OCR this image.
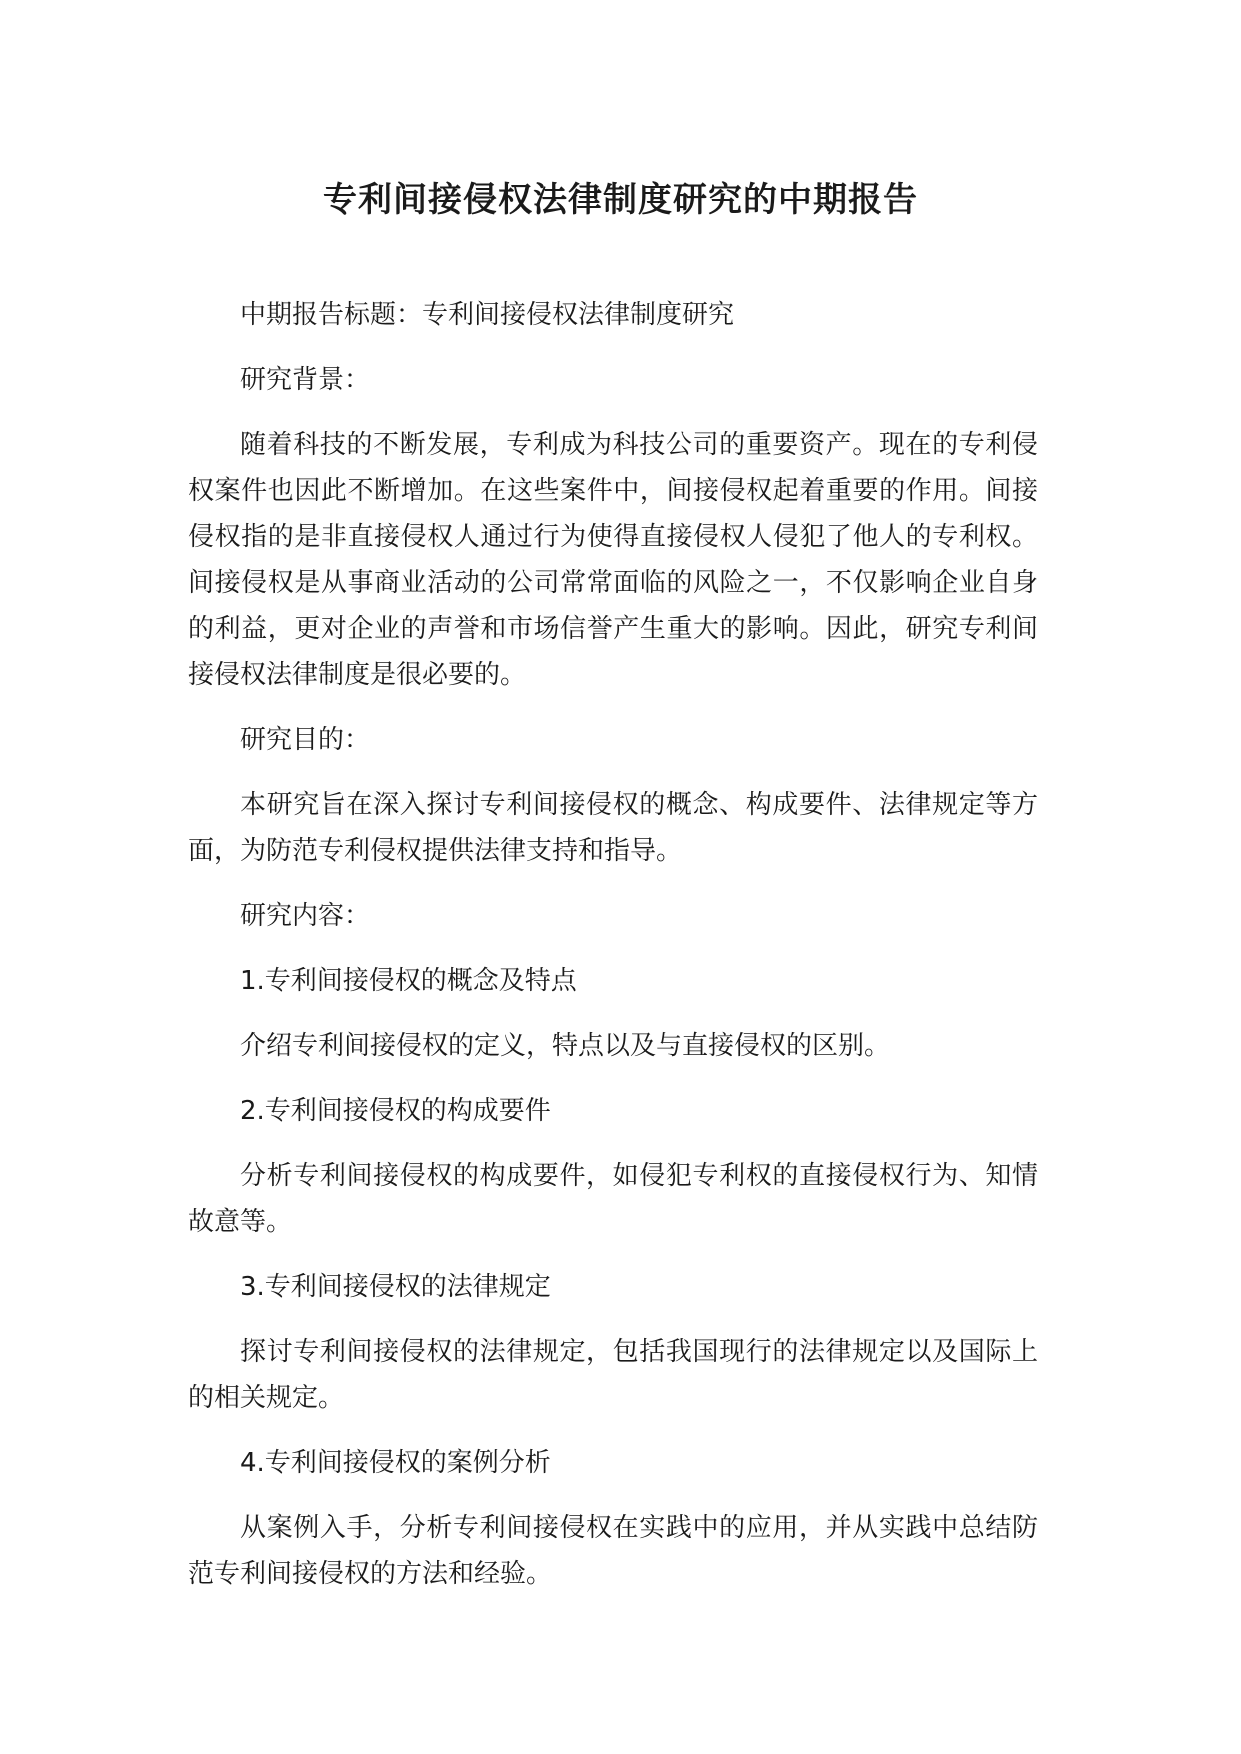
专利间接侵权法律制度研究的中期报告

中期报告标题：专利间接侵权法律制度研究

研究背景：

随着科技的不断发展，专利成为科技公司的重要资产。现在的专利侵权案件也因此不断增加。在这些案件中，间接侵权起着重要的作用。间接侵权指的是非直接侵权人通过行为使得直接侵权人侵犯了他人的专利权。间接侵权是从事商业活动的公司常常面临的风险之一，不仅影响企业自身的利益，更对企业的声誉和市场信誉产生重大的影响。因此，研究专利间接侵权法律制度是很必要的。

研究目的：

本研究旨在深入探讨专利间接侵权的概念、构成要件、法律规定等方面，为防范专利侵权提供法律支持和指导。

研究内容：

1.专利间接侵权的概念及特点

介绍专利间接侵权的定义，特点以及与直接侵权的区别。

2.专利间接侵权的构成要件

分析专利间接侵权的构成要件，如侵犯专利权的直接侵权行为、知情故意等。

3.专利间接侵权的法律规定

探讨专利间接侵权的法律规定，包括我国现行的法律规定以及国际上的相关规定。

4.专利间接侵权的案例分析

从案例入手，分析专利间接侵权在实践中的应用，并从实践中总结防范专利间接侵权的方法和经验。
